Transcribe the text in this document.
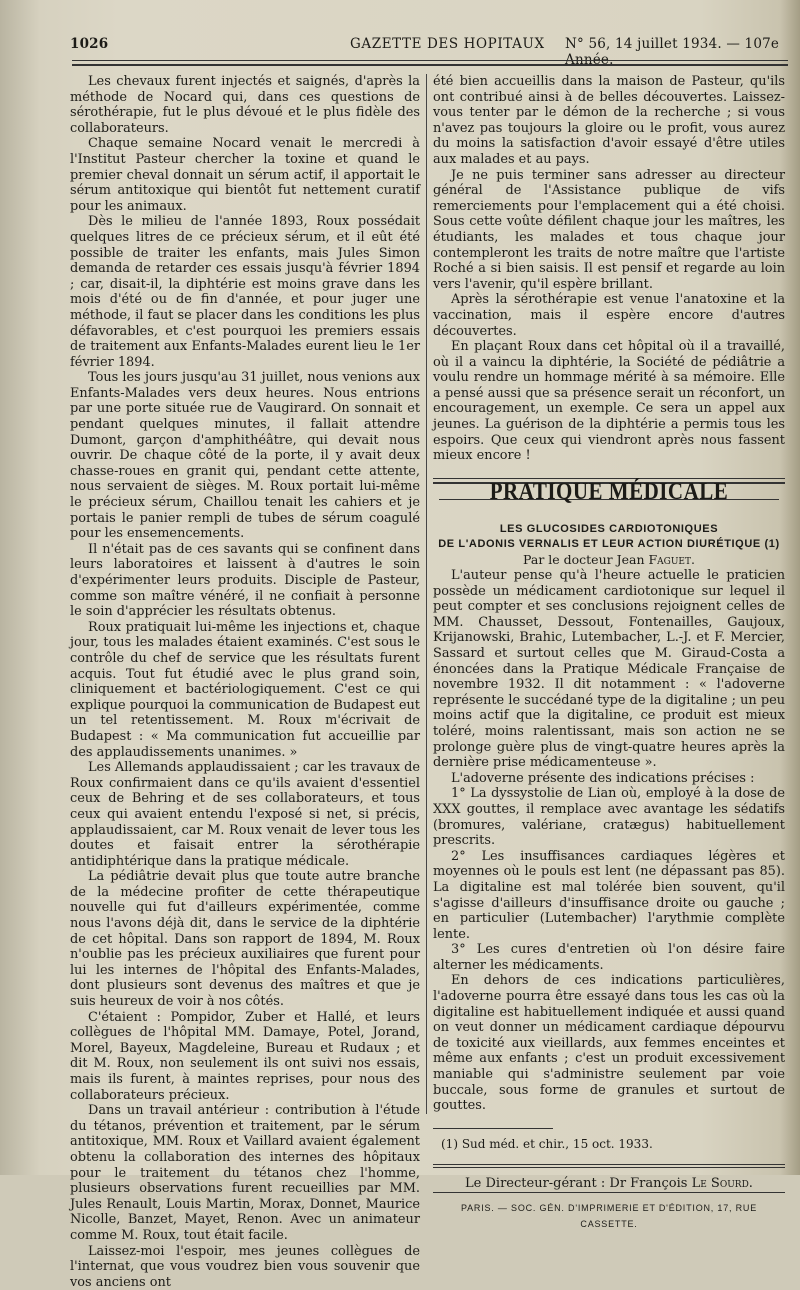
1026	GAZETTE DES HOPITAUX N° 56, 14 juillet 1934. — 107e Année.

Les chevaux furent injectés et saignés, d'après la méthode de Nocard qui, dans ces questions de sérothérapie, fut le plus dévoué et le plus fidèle des collaborateurs.

Chaque semaine Nocard venait le mercredi à l'Institut Pasteur chercher la toxine et quand le premier cheval donnait un sérum actif, il apportait le sérum antitoxique qui bientôt fut nettement curatif pour les animaux.

Dès le milieu de l'année 1893, Roux possédait quelques litres de ce précieux sérum, et il eût été possible de traiter les enfants, mais Jules Simon demanda de retarder ces essais jusqu'à février 1894 ; car, disait-il, la diphtérie est moins grave dans les mois d'été ou de fin d'année, et pour juger une méthode, il faut se placer dans les conditions les plus défavorables, et c'est pourquoi les premiers essais de traitement aux Enfants-Malades eurent lieu le 1er février 1894.

Tous les jours jusqu'au 31 juillet, nous venions aux Enfants-Malades vers deux heures. Nous entrions par une porte située rue de Vaugirard. On sonnait et pendant quelques minutes, il fallait attendre Dumont, garçon d'amphithéâtre, qui devait nous ouvrir. De chaque côté de la porte, il y avait deux chasse-roues en granit qui, pendant cette attente, nous servaient de sièges. M. Roux portait lui-même le précieux sérum, Chaillou tenait les cahiers et je portais le panier rempli de tubes de sérum coagulé pour les ensemencements.

Il n'était pas de ces savants qui se confinent dans leurs laboratoires et laissent à d'autres le soin d'expérimenter leurs produits. Disciple de Pasteur, comme son maître vénéré, il ne confiait à personne le soin d'apprécier les résultats obtenus.

Roux pratiquait lui-même les injections et, chaque jour, tous les malades étaient examinés. C'est sous le contrôle du chef de service que les résultats furent acquis. Tout fut étudié avec le plus grand soin, cliniquement et bactériologiquement. C'est ce qui explique pourquoi la communication de Budapest eut un tel retentissement. M. Roux m'écrivait de Budapest : « Ma communication fut accueillie par des applaudissements unanimes. »

Les Allemands applaudissaient ; car les travaux de Roux confirmaient dans ce qu'ils avaient d'essentiel ceux de Behring et de ses collaborateurs, et tous ceux qui avaient entendu l'exposé si net, si précis, applaudissaient, car M. Roux venait de lever tous les doutes et faisait entrer la sérothérapie antidiphtérique dans la pratique médicale.

La pédiâtrie devait plus que toute autre branche de la médecine profiter de cette thérapeutique nouvelle qui fut d'ailleurs expérimentée, comme nous l'avons déjà dit, dans le service de la diphtérie de cet hôpital. Dans son rapport de 1894, M. Roux n'oublie pas les précieux auxiliaires que furent pour lui les internes de l'hôpital des Enfants-Malades, dont plusieurs sont devenus des maîtres et que je suis heureux de voir à nos côtés.

C'étaient : Pompidor, Zuber et Hallé, et leurs collègues de l'hôpital MM. Damaye, Potel, Jorand, Morel, Bayeux, Magdeleine, Bureau et Rudaux ; et dit M. Roux, non seulement ils ont suivi nos essais, mais ils furent, à maintes reprises, pour nous des collaborateurs précieux.

Dans un travail antérieur : contribution à l'étude du tétanos, prévention et traitement, par le sérum antitoxique, MM. Roux et Vaillard avaient également obtenu la collaboration des internes des hôpitaux pour le traitement du tétanos chez l'homme, plusieurs observations furent recueillies par MM. Jules Renault, Louis Martin, Morax, Donnet, Maurice Nicolle, Banzet, Mayet, Renon. Avec un animateur comme M. Roux, tout était facile.

Laissez-moi l'espoir, mes jeunes collègues de l'internat, que vous voudrez bien vous souvenir que vos anciens ont

été bien accueillis dans la maison de Pasteur, qu'ils ont contribué ainsi à de belles découvertes. Laissez-vous tenter par le démon de la recherche ; si vous n'avez pas toujours la gloire ou le profit, vous aurez du moins la satisfaction d'avoir essayé d'être utiles aux malades et au pays.

Je ne puis terminer sans adresser au directeur général de l'Assistance publique de vifs remerciements pour l'emplacement qui a été choisi. Sous cette voûte défilent chaque jour les maîtres, les étudiants, les malades et tous chaque jour contempleront les traits de notre maître que l'artiste Roché a si bien saisis. Il est pensif et regarde au loin vers l'avenir, qu'il espère brillant.

Après la sérothérapie est venue l'anatoxine et la vaccination, mais il espère encore d'autres découvertes.

En plaçant Roux dans cet hôpital où il a travaillé, où il a vaincu la diphtérie, la Société de pédiâtrie a voulu rendre un hommage mérité à sa mémoire. Elle a pensé aussi que sa présence serait un réconfort, un encouragement, un exemple. Ce sera un appel aux jeunes. La guérison de la diphtérie a permis tous les espoirs. Que ceux qui viendront après nous fassent mieux encore !

PRATIQUE MÉDICALE

LES GLUCOSIDES CARDIOTONIQUES

DE L'ADONIS VERNALIS ET LEUR ACTION DIURÉTIQUE (1)

Par le docteur Jean Faguet.

L'auteur pense qu'à l'heure actuelle le praticien possède un médicament cardiotonique sur lequel il peut compter et ses conclusions rejoignent celles de MM. Chausset, Dessout, Fontenailles, Gaujoux, Krijanowski, Brahic, Lutembacher, L.-J. et F. Mercier, Sassard et surtout celles que M. Giraud-Costa a énoncées dans la Pratique Médicale Française de novembre 1932. Il dit notamment : « l'adoverne représente le succédané type de la digitaline ; un peu moins actif que la digitaline, ce produit est mieux toléré, moins ralentissant, mais son action ne se prolonge guère plus de vingt-quatre heures après la dernière prise médicamenteuse ».

L'adoverne présente des indications précises :

1° La dyssystolie de Lian où, employé à la dose de XXX gouttes, il remplace avec avantage les sédatifs (bromures, valériane, cratægus) habituellement prescrits.

2° Les insuffisances cardiaques légères et moyennes où le pouls est lent (ne dépassant pas 85). La digitaline est mal tolérée bien souvent, qu'il s'agisse d'ailleurs d'insuffisance droite ou gauche ; en particulier (Lutembacher) l'arythmie complète lente.

3° Les cures d'entretien où l'on désire faire alterner les médicaments.

En dehors de ces indications particulières, l'adoverne pourra être essayé dans tous les cas où la digitaline est habituellement indiquée et aussi quand on veut donner un médicament cardiaque dépourvu de toxicité aux vieillards, aux femmes enceintes et même aux enfants ; c'est un produit excessivement maniable qui s'administre seulement par voie buccale, sous forme de granules et surtout de gouttes.

(1) Sud méd. et chir., 15 oct. 1933.

Le Directeur-gérant : Dr François Le Sourd.

PARIS. — SOC. GÉN. D'IMPRIMERIE ET D'ÉDITION, 17, RUE CASSETTE.
